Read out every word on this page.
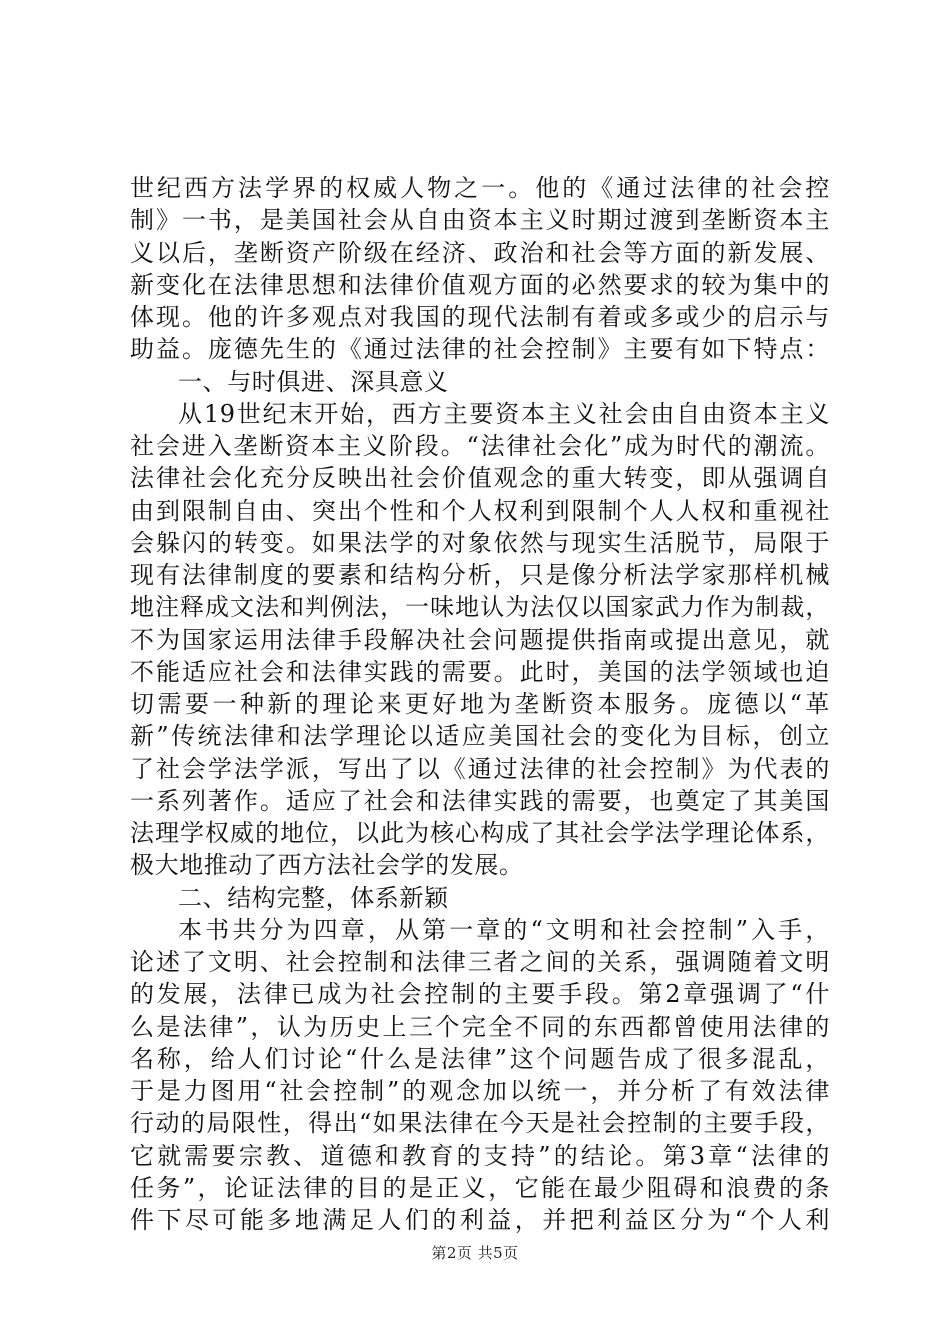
世纪西方法学界的权威人物之一。他的《通过法律的社会控
制》一书，是美国社会从自由资本主义时期过渡到垄断资本主
义以后，垄断资产阶级在经济、政治和社会等方面的新发展、
新变化在法律思想和法律价值观方面的必然要求的较为集中的
体现。他的许多观点对我国的现代法制有着或多或少的启示与
助益。庞德先生的《通过法律的社会控制》主要有如下特点：
一、与时俱进、深具意义
从19世纪末开始，西方主要资本主义社会由自由资本主义
社会进入垄断资本主义阶段。“法律社会化”成为时代的潮流。
法律社会化充分反映出社会价值观念的重大转变，即从强调自
由到限制自由、突出个性和个人权利到限制个人人权和重视社
会躲闪的转变。如果法学的对象依然与现实生活脱节，局限于
现有法律制度的要素和结构分析，只是像分析法学家那样机械
地注释成文法和判例法，一味地认为法仅以国家武力作为制裁，
不为国家运用法律手段解决社会问题提供指南或提出意见，就
不能适应社会和法律实践的需要。此时，美国的法学领域也迫
切需要一种新的理论来更好地为垄断资本服务。庞德以“革
新”传统法律和法学理论以适应美国社会的变化为目标，创立
了社会学法学派，写出了以《通过法律的社会控制》为代表的
一系列著作。适应了社会和法律实践的需要，也奠定了其美国
法理学权威的地位，以此为核心构成了其社会学法学理论体系，
极大地推动了西方法社会学的发展。
二、结构完整，体系新颖
本书共分为四章，从第一章的“文明和社会控制”入手，
论述了文明、社会控制和法律三者之间的关系，强调随着文明
的发展，法律已成为社会控制的主要手段。第2章强调了“什
么是法律”，认为历史上三个完全不同的东西都曾使用法律的
名称，给人们讨论“什么是法律”这个问题告成了很多混乱，
于是力图用“社会控制”的观念加以统一，并分析了有效法律
行动的局限性，得出“如果法律在今天是社会控制的主要手段，
它就需要宗教、道德和教育的支持”的结论。第3章“法律的
任务”，论证法律的目的是正义，它能在最少阻碍和浪费的条
件下尽可能多地满足人们的利益，并把利益区分为“个人利
第2页 共5页
